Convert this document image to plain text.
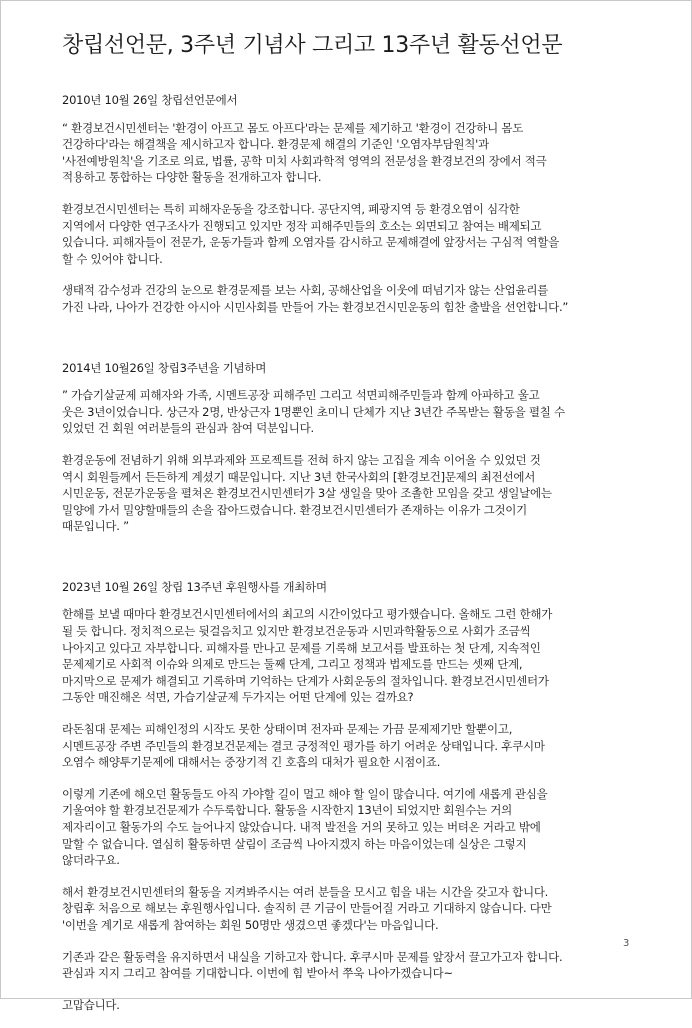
창립선언문, 3주년 기념사 그리고 13주년 활동선언문

2010년 10월 26일 창립선언문에서

“ 환경보건시민센터는 '환경이 아프고 몸도 아프다'라는 문제를 제기하고 '환경이 건강하니 몸도
건강하다'라는 해결책을 제시하고자 합니다. 환경문제 해결의 기준인 '오염자부담원칙'과
'사전예방원칙'을 기조로 의료, 법률, 공학 미치 사회과학적 영역의 전문성을 환경보건의 장에서 적극
적용하고 통합하는 다양한 활동을 전개하고자 합니다.

환경보건시민센터는 특히 피해자운동을 강조합니다. 공단지역, 폐광지역 등 환경오염이 심각한
지역에서 다양한 연구조사가 진행되고 있지만 정작 피해주민들의 호소는 외면되고 참여는 배제되고
있습니다. 피해자들이 전문가, 운동가들과 함께 오염자를 감시하고 문제해결에 앞장서는 구심적 역할을
할 수 있어야 합니다.

생태적 감수성과 건강의 눈으로 환경문제를 보는 사회, 공해산업을 이웃에 떠넘기자 않는 산업윤리를
가진 나라, 나아가 건강한 아시아 시민사회를 만들어 가는 환경보건시민운동의 힘찬 출발을 선언합니다.”

2014년 10월26일 창립3주년을 기념하며

” 가습기살균제 피해자와 가족, 시멘트공장 피해주민 그리고 석면피해주민들과 함께 아파하고 울고
웃은 3년이었습니다. 상근자 2명, 반상근자 1명뿐인 초미니 단체가 지난 3년간 주목받는 활동을 펼칠 수
있었던 건 회원 여러분들의 관심과 참여 덕분입니다.

환경운동에 전념하기 위해 외부과제와 프로젝트를 전혀 하지 않는 고집을 계속 이어올 수 있었던 것
역시 회원들께서 든든하게 계셨기 때문입니다. 지난 3년 한국사회의 [환경보건]문제의 최전선에서
시민운동, 전문가운동을 펼쳐온 환경보건시민센터가 3살 생일을 맞아 조촐한 모임을 갖고 생일날에는
밀양에 가서 밀양할매들의 손을 잡아드렸습니다. 환경보건시민센터가 존재하는 이유가 그것이기
때문입니다. ”

2023년 10월 26일 창립 13주년 후원행사를 개최하며

한해를 보낼 때마다 환경보건시민센터에서의 최고의 시간이었다고 평가했습니다. 올해도 그런 한해가
될 듯 합니다. 정치적으로는 뒷걸음치고 있지만 환경보건운동과 시민과학활동으로 사회가 조금씩
나아지고 있다고 자부합니다. 피해자를 만나고 문제를 기록해 보고서를 발표하는 첫 단계, 지속적인
문제제기로 사회적 이슈와 의제로 만드는 둘째 단계, 그리고 정책과 법제도를 만드는 셋째 단계,
마지막으로 문제가 해결되고 기록하며 기억하는 단계가 사회운동의 절차입니다. 환경보건시민센터가
그동안 매진해온 석면, 가습기살균제 두가지는 어떤 단계에 있는 걸까요?

라돈침대 문제는 피해인정의 시작도 못한 상태이며 전자파 문제는 가끔 문제제기만 할뿐이고,
시멘트공장 주변 주민들의 환경보건문제는 결코 긍정적인 평가를 하기 어려운 상태입니다. 후쿠시마
오염수 해양투기문제에 대해서는 중장기적 긴 호흡의 대처가 필요한 시점이죠.

이렇게 기존에 해오던 활동들도 아직 가야할 길이 멀고 해야 할 일이 많습니다. 여기에 새롭게 관심을
기울여야 할 환경보건문제가 수두룩합니다. 활동을 시작한지 13년이 되었지만 회원수는 거의
제자리이고 활동가의 수도 늘어나지 않았습니다. 내적 발전을 거의 못하고 있는 버텨온 거라고 밖에
말할 수 없습니다. 열심히 활동하면 살림이 조금씩 나아지겠지 하는 마음이었는데 실상은 그렇지
않더라구요.

해서 환경보건시민센터의 활동을 지켜봐주시는 여러 분들을 모시고 힘을 내는 시간을 갖고자 합니다.
창립후 처음으로 해보는 후원행사입니다. 솔직히 큰 기금이 만들어질 거라고 기대하지 않습니다. 다만
'이번을 계기로 새롭게 참여하는 회원 50명만 생겼으면 좋겠다'는 마음입니다.

기존과 같은 활동력을 유지하면서 내실을 기하고자 합니다. 후쿠시마 문제를 앞장서 끌고가고자 합니다.
관심과 지지 그리고 참여를 기대합니다. 이번에 힘 받아서 쭈욱 나아가겠습니다~

고맙습니다.

3
